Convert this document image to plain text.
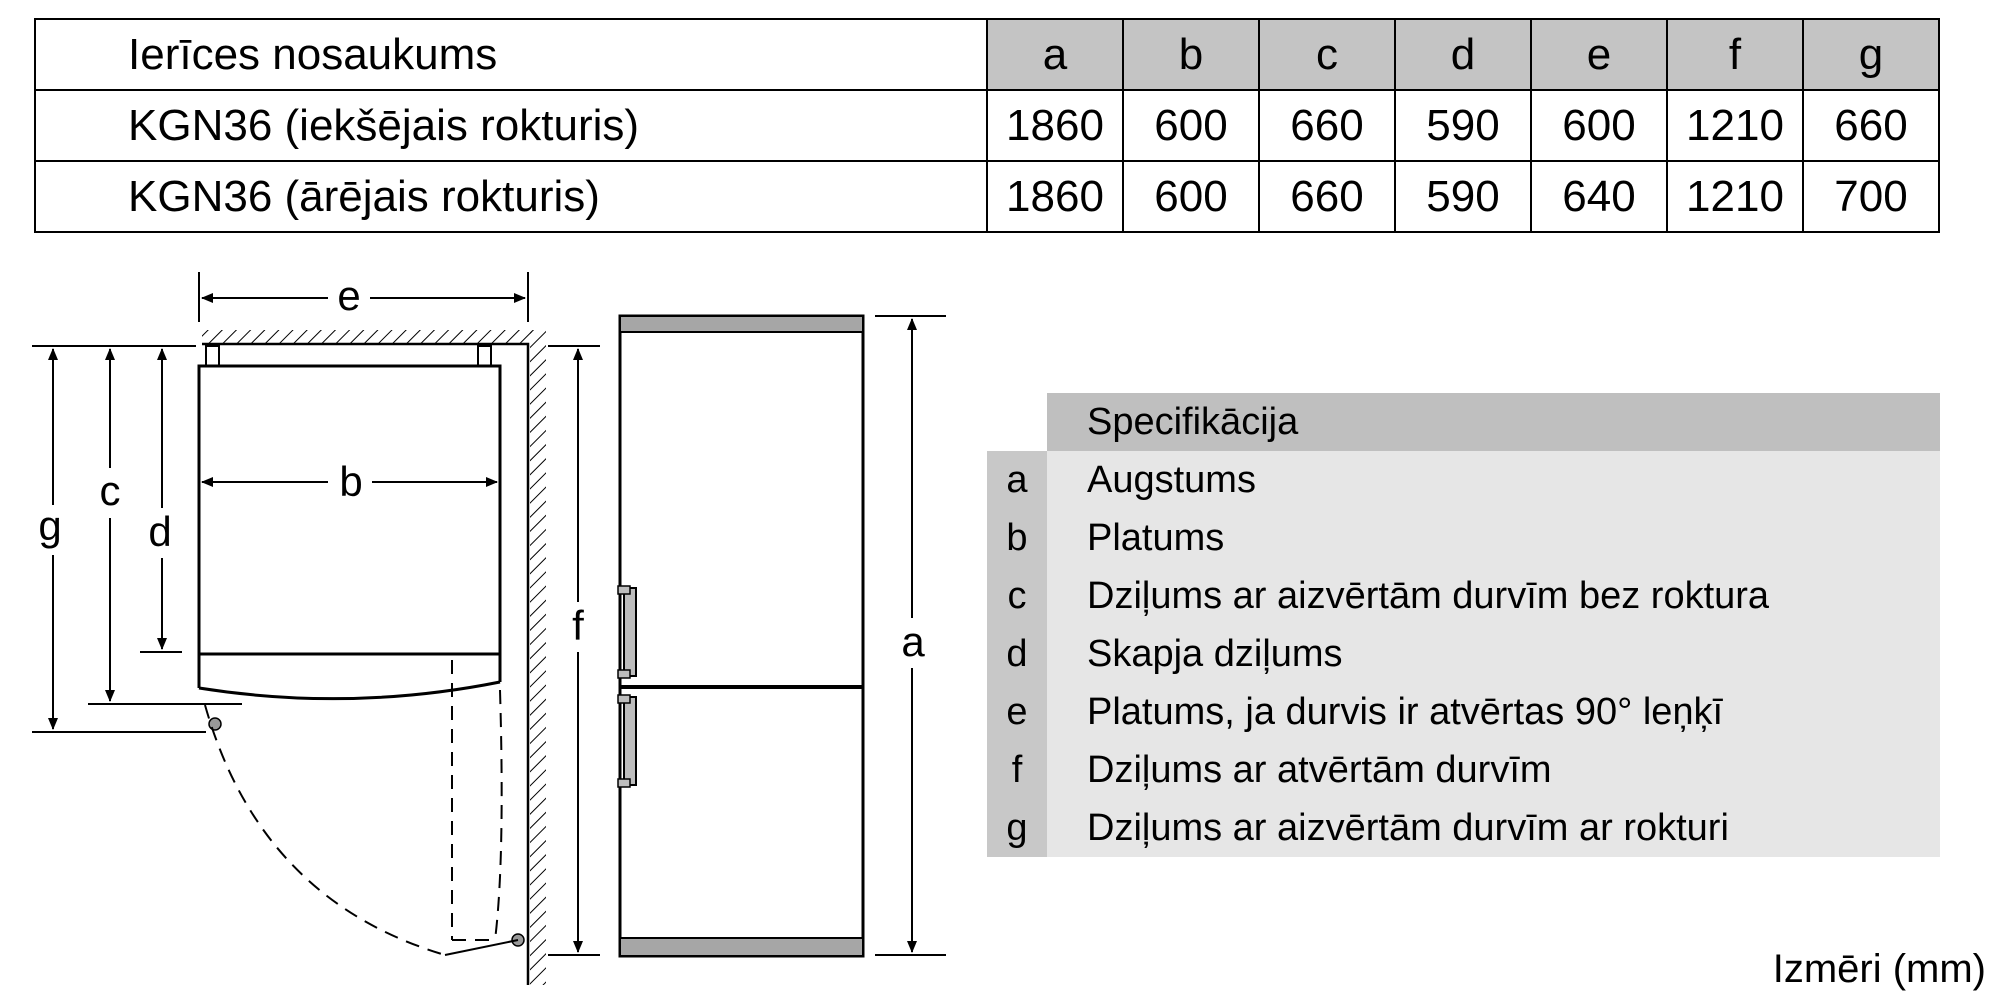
Ierīces nosaukums	a	b	c	d	e	f	g
KGN36 (iekšējais rokturis)	1860	600	660	590	600	1210	660
KGN36 (ārējais rokturis)	1860	600	660	590	640	1210	700
e
b
g
c
d
f	a
Specifikācija
a	Augstums
b	Platums
c	Dziļums ar aizvērtām durvīm bez roktura
d	Skapja dziļums
e	Platums, ja durvis ir atvērtas 90° leņķī
f	Dziļums ar atvērtām durvīm
g	Dziļums ar aizvērtām durvīm ar rokturi
Izmēri (mm)
